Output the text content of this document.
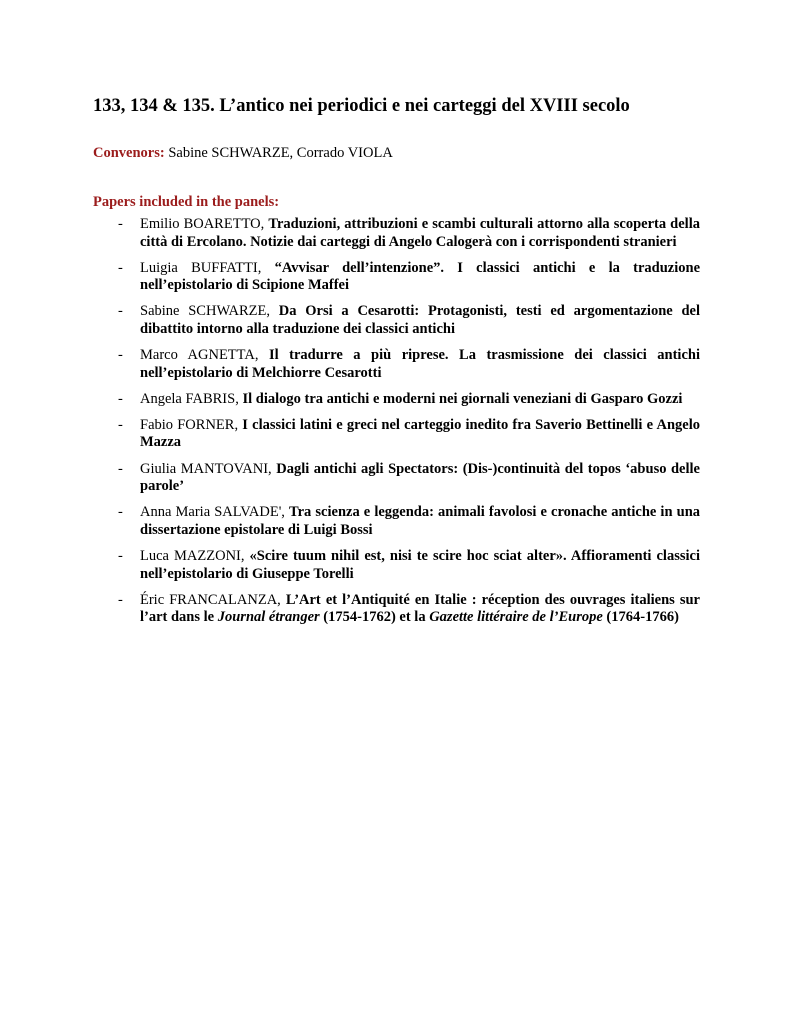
133, 134 & 135. L’antico nei periodici e nei carteggi del XVIII secolo
Convenors: Sabine SCHWARZE, Corrado VIOLA
Papers included in the panels:
- Emilio BOARETTO, Traduzioni, attribuzioni e scambi culturali attorno alla scoperta della città di Ercolano. Notizie dai carteggi di Angelo Calogerà con i corrispondenti stranieri
- Luigia BUFFATTI, “Avvisar dell’intenzione”. I classici antichi e la traduzione nell’epistolario di Scipione Maffei
- Sabine SCHWARZE, Da Orsi a Cesarotti: Protagonisti, testi ed argomentazione del dibattito intorno alla traduzione dei classici antichi
- Marco AGNETTA, Il tradurre a più riprese. La trasmissione dei classici antichi nell’epistolario di Melchiorre Cesarotti
- Angela FABRIS, Il dialogo tra antichi e moderni nei giornali veneziani di Gasparo Gozzi
- Fabio FORNER, I classici latini e greci nel carteggio inedito fra Saverio Bettinelli e Angelo Mazza
- Giulia MANTOVANI, Dagli antichi agli Spectators: (Dis-)continuità del topos ‘abuso delle parole’
- Anna Maria SALVADE', Tra scienza e leggenda: animali favolosi e cronache antiche in una dissertazione epistolare di Luigi Bossi
- Luca MAZZONI, «Scire tuum nihil est, nisi te scire hoc sciat alter». Affioramenti classici nell’epistolario di Giuseppe Torelli
- Éric FRANCALANZA, L’Art et l’Antiquité en Italie : réception des ouvrages italiens sur l’art dans le Journal étranger (1754-1762) et la Gazette littéraire de l’Europe (1764-1766)
